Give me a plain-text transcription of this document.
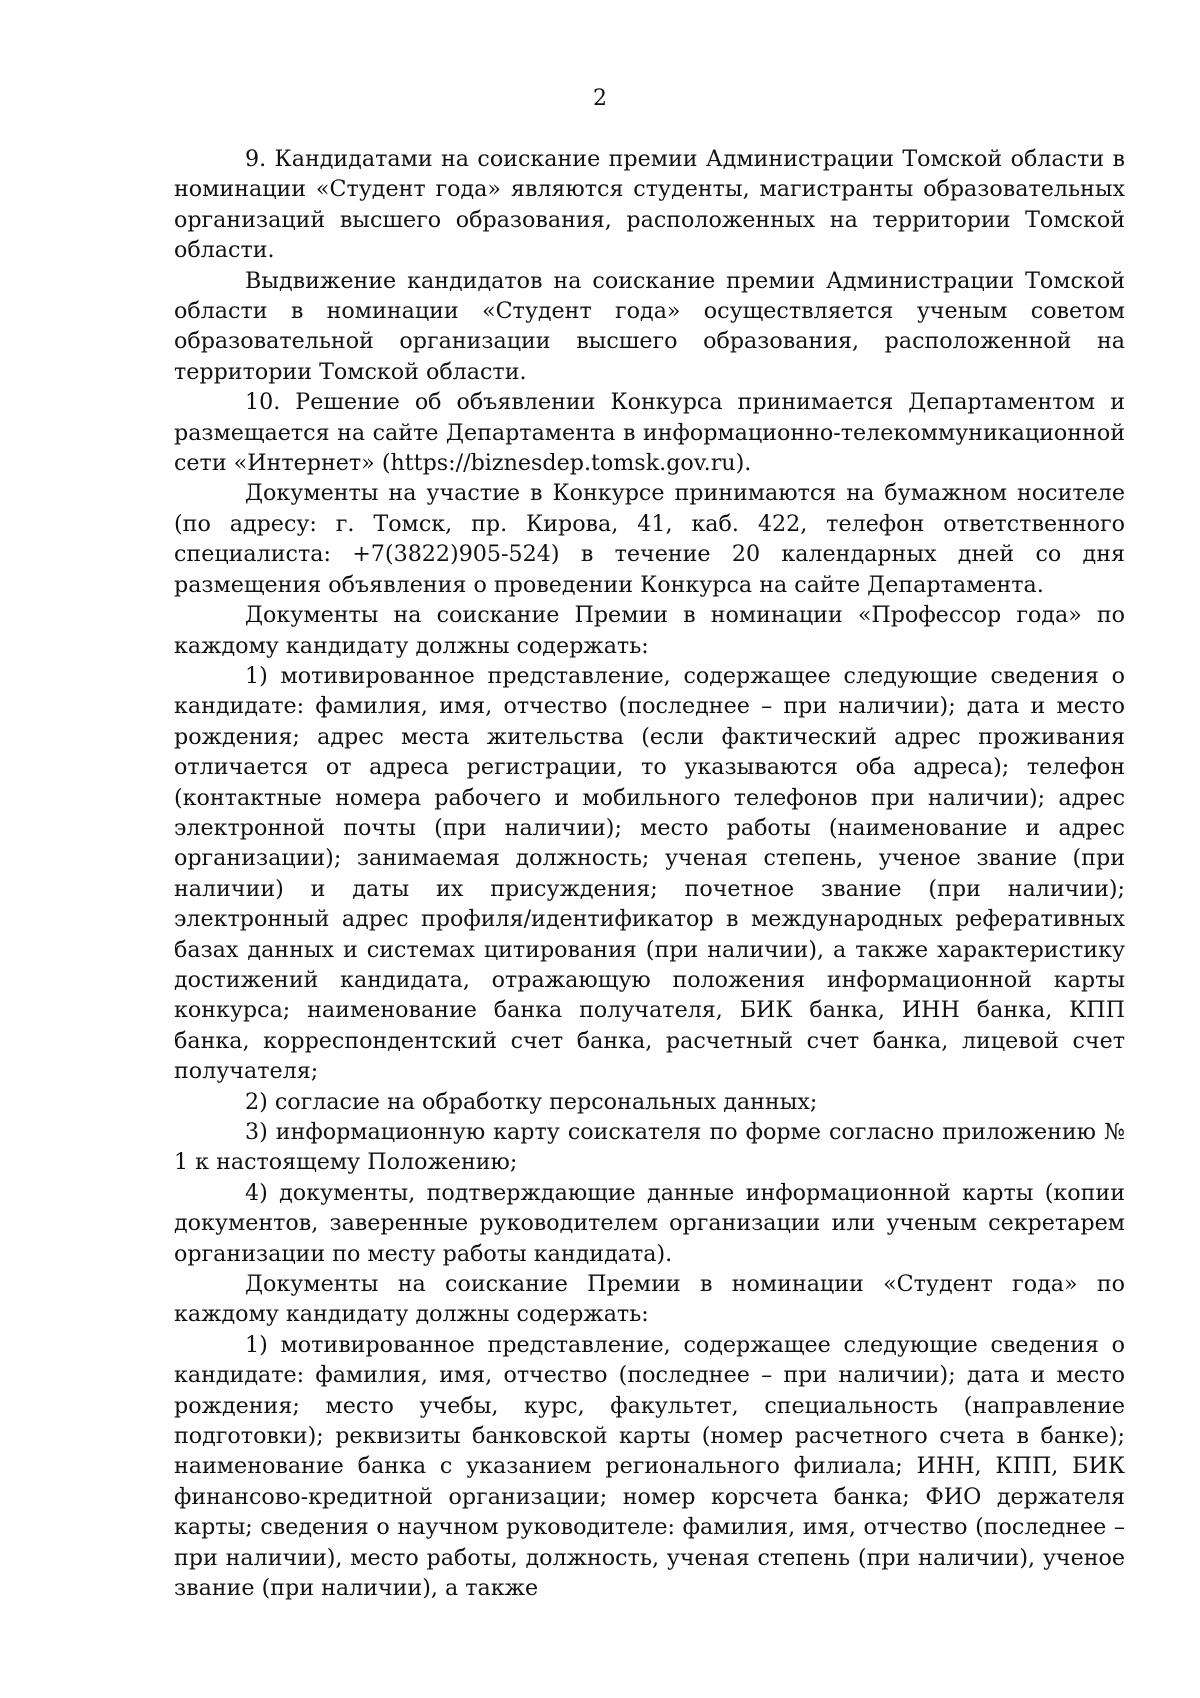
2

9. Кандидатами на соискание премии Администрации Томской области в номинации «Студент года» являются студенты, магистранты образовательных организаций высшего образования, расположенных на территории Томской области.

Выдвижение кандидатов на соискание премии Администрации Томской области в номинации «Студент года» осуществляется ученым советом образовательной организации высшего образования, расположенной на территории Томской области.

10. Решение об объявлении Конкурса принимается Департаментом и размещается на сайте Департамента в информационно-телекоммуникационной сети «Интернет» (https://biznesdep.tomsk.gov.ru).

Документы на участие в Конкурсе принимаются на бумажном носителе (по адресу: г. Томск, пр. Кирова, 41, каб. 422, телефон ответственного специалиста: +7(3822)905-524) в течение 20 календарных дней со дня размещения объявления о проведении Конкурса на сайте Департамента.

Документы на соискание Премии в номинации «Профессор года» по каждому кандидату должны содержать:

1) мотивированное представление, содержащее следующие сведения о кандидате: фамилия, имя, отчество (последнее – при наличии); дата и место рождения; адрес места жительства (если фактический адрес проживания отличается от адреса регистрации, то указываются оба адреса); телефон (контактные номера рабочего и мобильного телефонов при наличии); адрес электронной почты (при наличии); место работы (наименование и адрес организации); занимаемая должность; ученая степень, ученое звание (при наличии) и даты их присуждения; почетное звание (при наличии); электронный адрес профиля/идентификатор в международных реферативных базах данных и системах цитирования (при наличии), а также характеристику достижений кандидата, отражающую положения информационной карты конкурса; наименование банка получателя, БИК банка, ИНН банка, КПП банка, корреспондентский счет банка, расчетный счет банка, лицевой счет получателя;

2) согласие на обработку персональных данных;

3) информационную карту соискателя по форме согласно приложению № 1 к настоящему Положению;

4) документы, подтверждающие данные информационной карты (копии документов, заверенные руководителем организации или ученым секретарем организации по месту работы кандидата).

Документы на соискание Премии в номинации «Студент года» по каждому кандидату должны содержать:

1) мотивированное представление, содержащее следующие сведения о кандидате: фамилия, имя, отчество (последнее – при наличии); дата и место рождения; место учебы, курс, факультет, специальность (направление подготовки); реквизиты банковской карты (номер расчетного счета в банке); наименование банка с указанием регионального филиала; ИНН, КПП, БИК финансово-кредитной организации; номер корсчета банка; ФИО держателя карты; сведения о научном руководителе: фамилия, имя, отчество (последнее – при наличии), место работы, должность, ученая степень (при наличии), ученое звание (при наличии), а также
